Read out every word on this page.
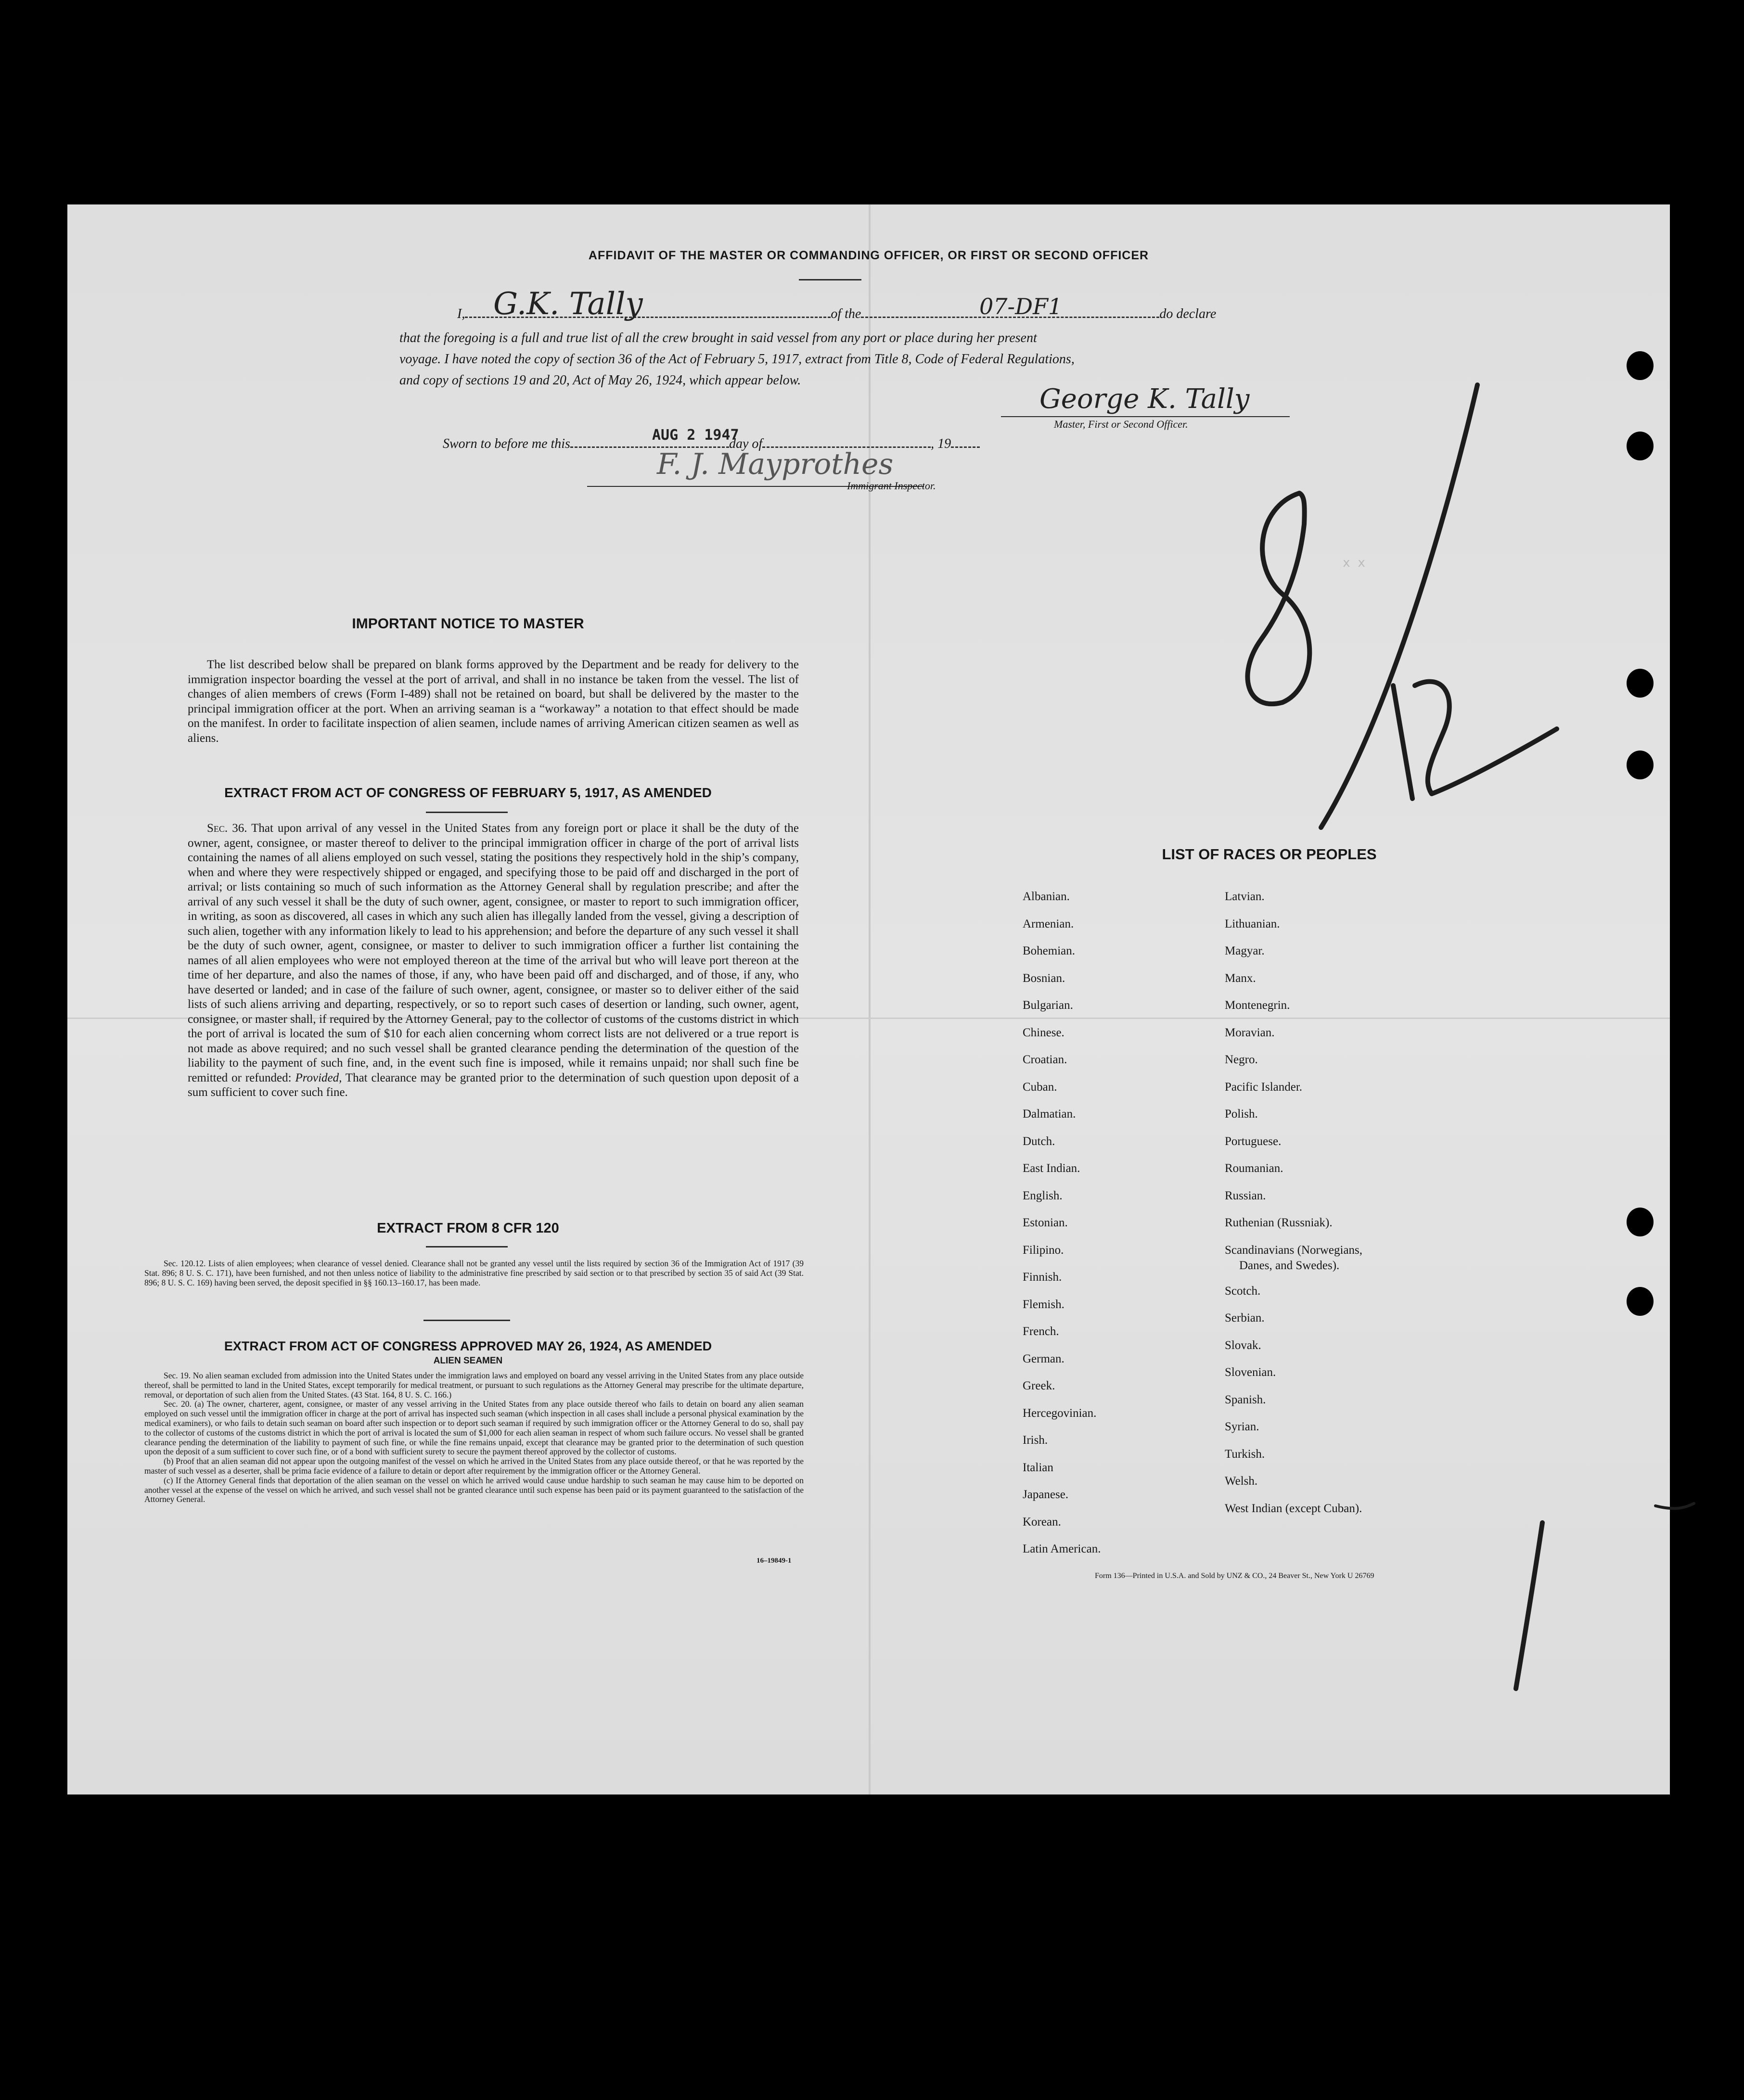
x x
AFFIDAVIT OF THE MASTER OR COMMANDING OFFICER, OR FIRST OR SECOND OFFICER
I,	of the	do declare
G.K. Tally	07-DF1
that the foregoing is a full and true list of all the crew brought in said vessel from any port or place during her present
voyage. I have noted the copy of section 36 of the Act of February 5, 1917, extract from Title 8, Code of Federal Regulations,
and copy of sections 19 and 20, Act of May 26, 1924, which appear below.
George K. Tally
Master, First or Second Officer.
Sworn to before me this	day of	, 19
AUG 2 1947
F. J. Mayprothes
Immigrant Inspector.
IMPORTANT NOTICE TO MASTER
The list described below shall be prepared on blank forms approved by the Department and be ready for delivery to the immigration inspector boarding the vessel at the port of arrival, and shall in no instance be taken from the vessel. The list of changes of alien members of crews (Form I-489) shall not be retained on board, but shall be delivered by the master to the principal immigration officer at the port. When an arriving seaman is a “workaway” a notation to that effect should be made on the manifest. In order to facilitate inspection of alien seamen, include names of arriving American citizen seamen as well as aliens.
EXTRACT FROM ACT OF CONGRESS OF FEBRUARY 5, 1917, AS AMENDED
Sec. 36. That upon arrival of any vessel in the United States from any foreign port or place it shall be the duty of the owner, agent, consignee, or master thereof to deliver to the principal immigration officer in charge of the port of arrival lists containing the names of all aliens employed on such vessel, stating the positions they respectively hold in the ship’s company, when and where they were respectively shipped or engaged, and specifying those to be paid off and discharged in the port of arrival; or lists containing so much of such information as the Attorney General shall by regulation prescribe; and after the arrival of any such vessel it shall be the duty of such owner, agent, consignee, or master to report to such immigration officer, in writing, as soon as discovered, all cases in which any such alien has illegally landed from the vessel, giving a description of such alien, together with any information likely to lead to his apprehension; and before the departure of any such vessel it shall be the duty of such owner, agent, consignee, or master to deliver to such immigration officer a further list containing the names of all alien employees who were not employed thereon at the time of the arrival but who will leave port thereon at the time of her departure, and also the names of those, if any, who have been paid off and discharged, and of those, if any, who have deserted or landed; and in case of the failure of such owner, agent, consignee, or master so to deliver either of the said lists of such aliens arriving and departing, respectively, or so to report such cases of desertion or landing, such owner, agent, consignee, or master shall, if required by the Attorney General, pay to the collector of customs of the customs district in which the port of arrival is located the sum of $10 for each alien concerning whom correct lists are not delivered or a true report is not made as above required; and no such vessel shall be granted clearance pending the determination of the question of the liability to the payment of such fine, and, in the event such fine is imposed, while it remains unpaid; nor shall such fine be remitted or refunded: Provided, That clearance may be granted prior to the determination of such question upon deposit of a sum sufficient to cover such fine.
EXTRACT FROM 8 CFR 120
Sec. 120.12. Lists of alien employees; when clearance of vessel denied. Clearance shall not be granted any vessel until the lists required by section 36 of the Immigration Act of 1917 (39 Stat. 896; 8 U. S. C. 171), have been furnished, and not then unless notice of liability to the administrative fine prescribed by said section or to that prescribed by section 35 of said Act (39 Stat. 896; 8 U. S. C. 169) having been served, the deposit specified in §§ 160.13–160.17, has been made.
EXTRACT FROM ACT OF CONGRESS APPROVED MAY 26, 1924, AS AMENDED
ALIEN SEAMEN
Sec. 19. No alien seaman excluded from admission into the United States under the immigration laws and employed on board any vessel arriving in the United States from any place outside thereof, shall be permitted to land in the United States, except temporarily for medical treatment, or pursuant to such regulations as the Attorney General may prescribe for the ultimate departure, removal, or deportation of such alien from the United States. (43 Stat. 164, 8 U. S. C. 166.)
Sec. 20. (a) The owner, charterer, agent, consignee, or master of any vessel arriving in the United States from any place outside thereof who fails to detain on board any alien seaman employed on such vessel until the immigration officer in charge at the port of arrival has inspected such seaman (which inspection in all cases shall include a personal physical examination by the medical examiners), or who fails to detain such seaman on board after such inspection or to deport such seaman if required by such immigration officer or the Attorney General to do so, shall pay to the collector of customs of the customs district in which the port of arrival is located the sum of $1,000 for each alien seaman in respect of whom such failure occurs. No vessel shall be granted clearance pending the determination of the liability to payment of such fine, or while the fine remains unpaid, except that clearance may be granted prior to the determination of such question upon the deposit of a sum sufficient to cover such fine, or of a bond with sufficient surety to secure the payment thereof approved by the collector of customs.
(b) Proof that an alien seaman did not appear upon the outgoing manifest of the vessel on which he arrived in the United States from any place outside thereof, or that he was reported by the master of such vessel as a deserter, shall be prima facie evidence of a failure to detain or deport after requirement by the immigration officer or the Attorney General.
(c) If the Attorney General finds that deportation of the alien seaman on the vessel on which he arrived would cause undue hardship to such seaman he may cause him to be deported on another vessel at the expense of the vessel on which he arrived, and such vessel shall not be granted clearance until such expense has been paid or its payment guaranteed to the satisfaction of the Attorney General.
16–19849-1
LIST OF RACES OR PEOPLES
Albanian.
Armenian.
Bohemian.
Bosnian.
Bulgarian.
Chinese.
Croatian.
Cuban.
Dalmatian.
Dutch.
East Indian.
English.
Estonian.
Filipino.
Finnish.
Flemish.
French.
German.
Greek.
Hercegovinian.
Irish.
Italian
Japanese.
Korean.
Latin American.
Latvian.
Lithuanian.
Magyar.
Manx.
Montenegrin.
Moravian.
Negro.
Pacific Islander.
Polish.
Portuguese.
Roumanian.
Russian.
Ruthenian (Russniak).
Scandinavians (Norwegians,
Danes, and Swedes).
Scotch.
Serbian.
Slovak.
Slovenian.
Spanish.
Syrian.
Turkish.
Welsh.
West Indian (except Cuban).
Form 136—Printed in U.S.A. and Sold by UNZ & CO., 24 Beaver St., New York U 26769
